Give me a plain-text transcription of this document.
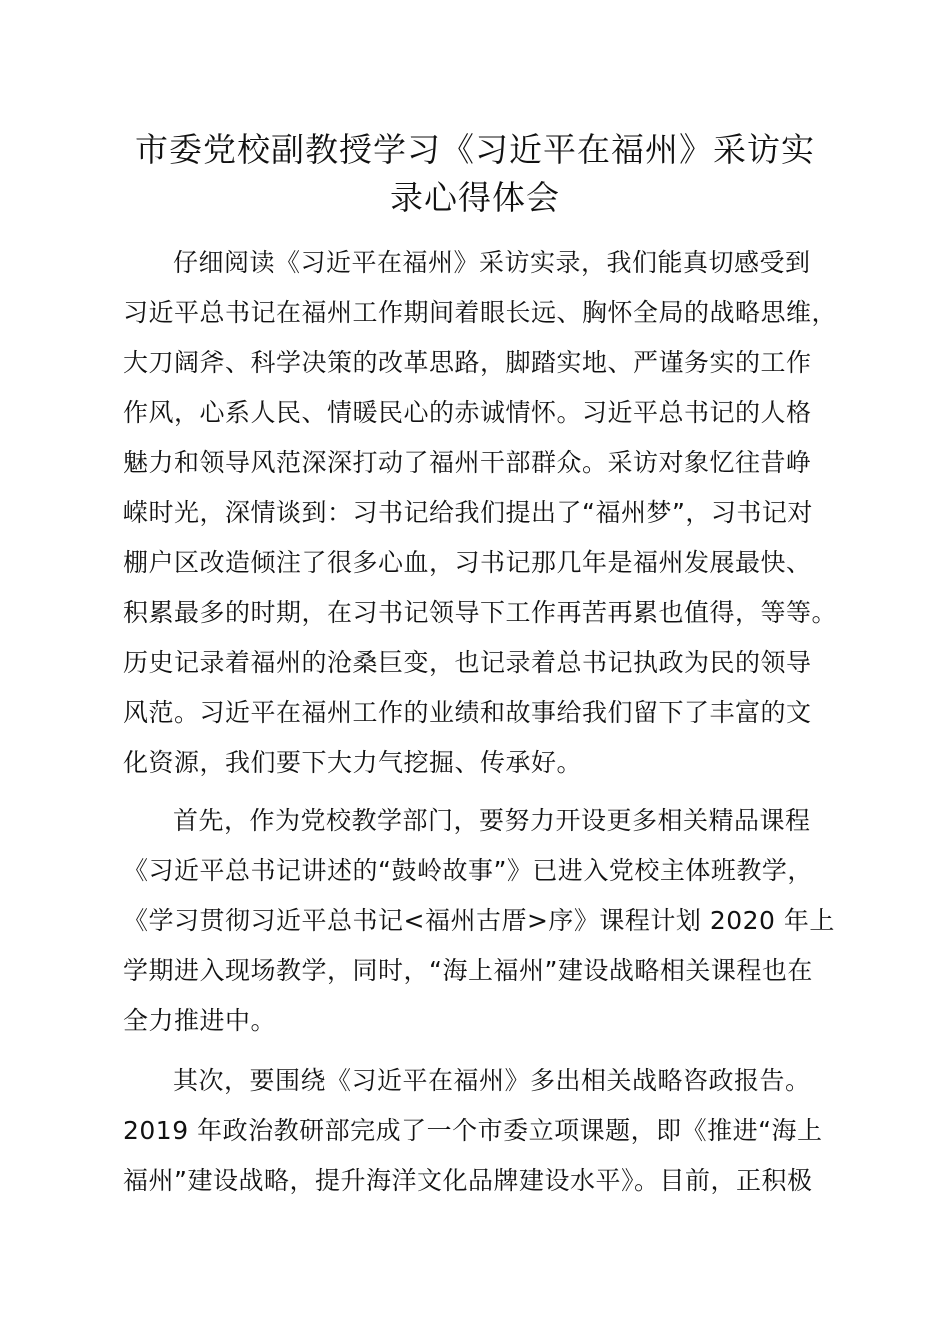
市委党校副教授学习《习近平在福州》采访实
录心得体会
仔细阅读《习近平在福州》采访实录，我们能真切感受到
习近平总书记在福州工作期间着眼长远、胸怀全局的战略思维，
大刀阔斧、科学决策的改革思路，脚踏实地、严谨务实的工作
作风，心系人民、情暖民心的赤诚情怀。习近平总书记的人格
魅力和领导风范深深打动了福州干部群众。采访对象忆往昔峥
嵘时光，深情谈到：习书记给我们提出了“福州梦”，习书记对
棚户区改造倾注了很多心血，习书记那几年是福州发展最快、
积累最多的时期，在习书记领导下工作再苦再累也值得，等等。
历史记录着福州的沧桑巨变，也记录着总书记执政为民的领导
风范。习近平在福州工作的业绩和故事给我们留下了丰富的文
化资源，我们要下大力气挖掘、传承好。
首先，作为党校教学部门，要努力开设更多相关精品课程
《习近平总书记讲述的“鼓岭故事”》已进入党校主体班教学，
《学习贯彻习近平总书记<福州古厝>序》课程计划 2020 年上
学期进入现场教学，同时，“海上福州”建设战略相关课程也在
全力推进中。
其次，要围绕《习近平在福州》多出相关战略咨政报告。
2019 年政治教研部完成了一个市委立项课题，即《推进“海上
福州”建设战略，提升海洋文化品牌建设水平》。目前，正积极
